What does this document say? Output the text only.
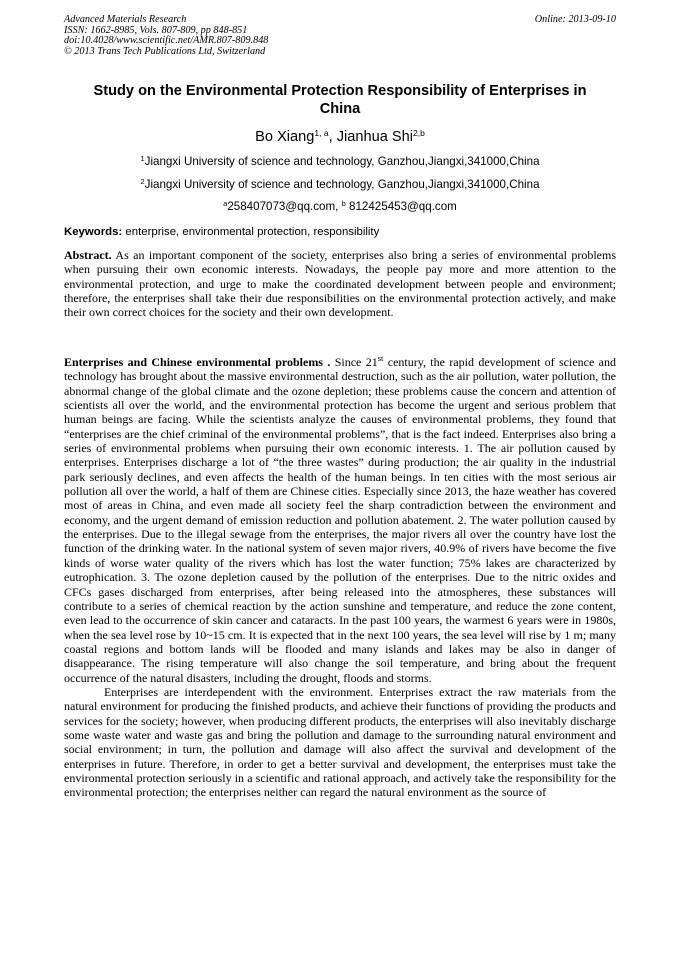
Advanced Materials Research	Online: 2013-09-10
ISSN: 1662-8985, Vols. 807-809, pp 848-851
doi:10.4028/www.scientific.net/AMR.807-809.848
© 2013 Trans Tech Publications Ltd, Switzerland
Study on the Environmental Protection Responsibility of Enterprises in
China
Bo Xiang$^{1, a}$, Jianhua Shi$^{2,b}$
$^1$Jiangxi University of science and technology, Ganzhou,Jiangxi,341000,China
$^2$Jiangxi University of science and technology, Ganzhou,Jiangxi,341000,China
$^a$258407073@qq.com, $^b$ 812425453@qq.com
Keywords: enterprise, environmental protection, responsibility

Abstract. As an important component of the society, enterprises also bring a series of environmental problems when pursuing their own economic interests. Nowadays, the people pay more and more attention to the environmental protection, and urge to make the coordinated development between people and environment; therefore, the enterprises shall take their due responsibilities on the environmental protection actively, and make their own correct choices for the society and their own development.

Enterprises and Chinese environmental problems . Since 21st century, the rapid development of science and technology has brought about the massive environmental destruction, such as the air pollution, water pollution, the abnormal change of the global climate and the ozone depletion; these problems cause the concern and attention of scientists all over the world, and the environmental protection has become the urgent and serious problem that human beings are facing. While the scientists analyze the causes of environmental problems, they found that “enterprises are the chief criminal of the environmental problems”, that is the fact indeed. Enterprises also bring a series of environmental problems when pursuing their own economic interests. 1. The air pollution caused by enterprises. Enterprises discharge a lot of “the three wastes” during production; the air quality in the industrial park seriously declines, and even affects the health of the human beings. In ten cities with the most serious air pollution all over the world, a half of them are Chinese cities. Especially since 2013, the haze weather has covered most of areas in China, and even made all society feel the sharp contradiction between the environment and economy, and the urgent demand of emission reduction and pollution abatement. 2. The water pollution caused by the enterprises. Due to the illegal sewage from the enterprises, the major rivers all over the country have lost the function of the drinking water. In the national system of seven major rivers, 40.9% of rivers have become the five kinds of worse water quality of the rivers which has lost the water function; 75% lakes are characterized by eutrophication. 3. The ozone depletion caused by the pollution of the enterprises. Due to the nitric oxides and CFCs gases discharged from enterprises, after being released into the atmospheres, these substances will contribute to a series of chemical reaction by the action sunshine and temperature, and reduce the zone content, even lead to the occurrence of skin cancer and cataracts. In the past 100 years, the warmest 6 years were in 1980s, when the sea level rose by 10~15 cm. It is expected that in the next 100 years, the sea level will rise by 1 m; many coastal regions and bottom lands will be flooded and many islands and lakes may be also in danger of disappearance. The rising temperature will also change the soil temperature, and bring about the frequent occurrence of the natural disasters, including the drought, floods and storms.

Enterprises are interdependent with the environment. Enterprises extract the raw materials from the natural environment for producing the finished products, and achieve their functions of providing the products and services for the society; however, when producing different products, the enterprises will also inevitably discharge some waste water and waste gas and bring the pollution and damage to the surrounding natural environment and social environment; in turn, the pollution and damage will also affect the survival and development of the enterprises in future. Therefore, in order to get a better survival and development, the enterprises must take the environmental protection seriously in a scientific and rational approach, and actively take the responsibility for the environmental protection; the enterprises neither can regard the natural environment as the source of
